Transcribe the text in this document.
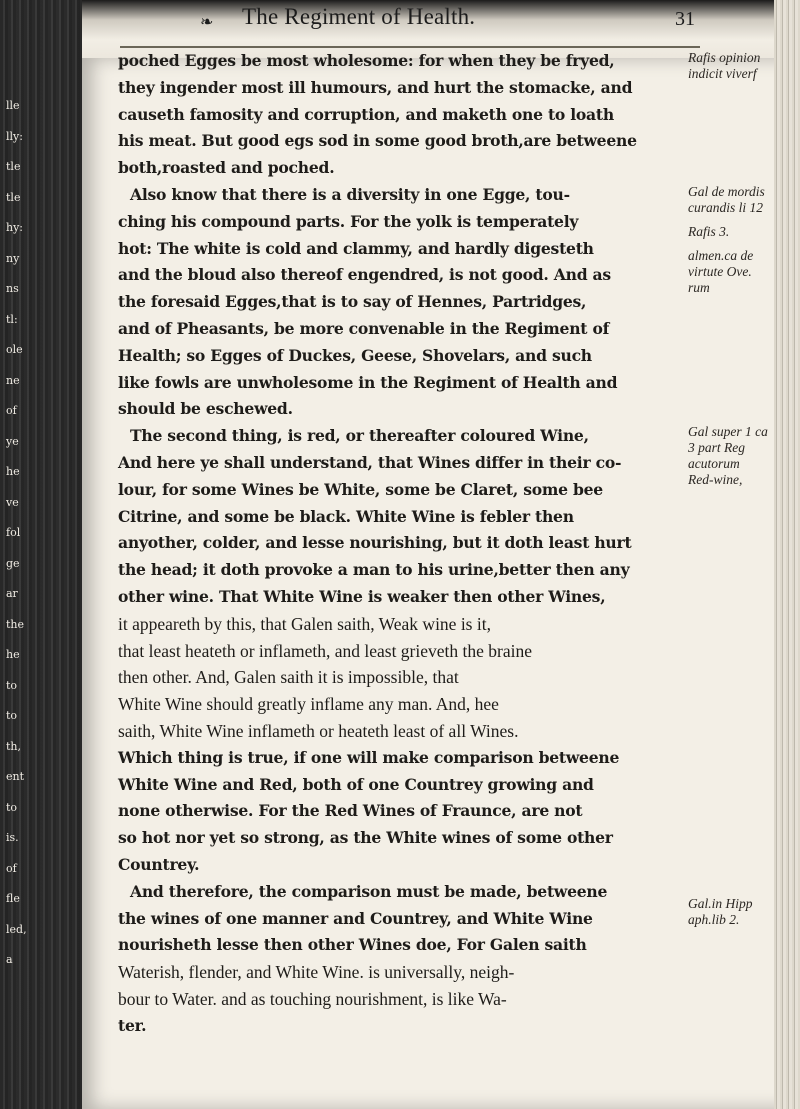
lle
lly:
tle
tle
hy:
ny
ns
tl:
ole
ne
of
ye
he
ve
fol
ge
ar
the
he
to
to
th,
ent
to
is.
of
fle
led,
a
❧ The Regiment of Health.	31
poched Egges be most wholesome: for when they be fryed,
they ingender most ill humours, and hurt the stomacke, and
causeth famosity and corruption, and maketh one to loath
his meat. But good egs sod in some good broth,are betweene
both,roasted and poched.
Also know that there is a diversity in one Egge, tou-
ching his compound parts. For the yolk is temperately
hot: The white is cold and clammy, and hardly digesteth
and the bloud also thereof engendred, is not good. And as
the foresaid Egges,that is to say of Hennes, Partridges,
and of Pheasants, be more convenable in the Regiment of
Health; so Egges of Duckes, Geese, Shovelars, and such
like fowls are unwholesome in the Regiment of Health and
should be eschewed.
The second thing, is red, or thereafter coloured Wine,
And here ye shall understand, that Wines differ in their co-
lour, for some Wines be White, some be Claret, some bee
Citrine, and some be black. White Wine is febler then
anyother, colder, and lesse nourishing, but it doth least hurt
the head; it doth provoke a man to his urine,better then any
other wine. That White Wine is weaker then other Wines,
it appeareth by this, that Galen saith, Weak wine is it,
that least heateth or inflameth, and least grieveth the braine
then other. And, Galen saith it is impossible, that
White Wine should greatly inflame any man. And, hee
saith, White Wine inflameth or heateth least of all Wines.
Which thing is true, if one will make comparison betweene
White Wine and Red, both of one Countrey growing and
none otherwise. For the Red Wines of Fraunce, are not
so hot nor yet so strong, as the White wines of some other
Countrey.
And therefore, the comparison must be made, betweene
the wines of one manner and Countrey, and White Wine
nourisheth lesse then other Wines doe, For Galen saith
Waterish, flender, and White Wine. is universally, neigh-
bour to Water. and as touching nourishment, is like Wa-
ter.
Rafis opinion
indicit viverf
Gal de mordis
curandis li 12
Rafis 3.
almen.ca de
virtute Ove.
rum
Gal super 1 ca
3 part Reg
acutorum
Red-wine,
Gal.in Hipp
aph.lib 2.
